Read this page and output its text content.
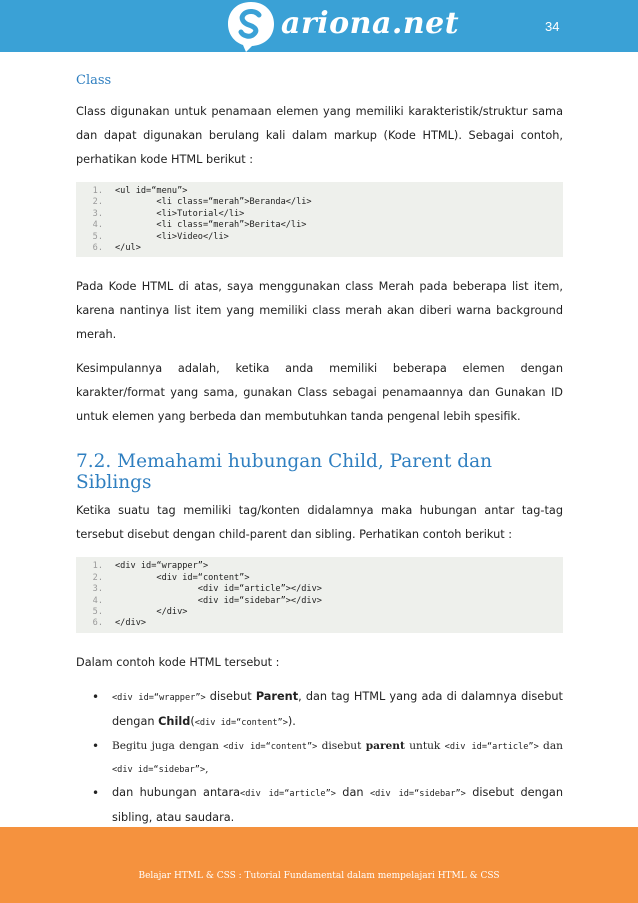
ariona.net	34
Class

Class digunakan untuk penamaan elemen yang memiliki karakteristik/struktur sama dan dapat digunakan berulang kali dalam markup (Kode HTML). Sebagai contoh, perhatikan kode HTML berikut :

1. <ul id=“menu”>
2.        <li class=“merah”>Beranda</li>
3.        <li>Tutorial</li>
4.        <li class=“merah”>Berita</li>
5.        <li>Video</li>
6. </ul>

Pada Kode HTML di atas, saya menggunakan class Merah pada beberapa list item, karena nantinya list item yang memiliki class merah akan diberi warna background merah.

Kesimpulannya adalah, ketika anda memiliki beberapa elemen dengan karakter/format yang sama, gunakan Class sebagai penamaannya dan Gunakan ID untuk elemen yang berbeda dan membutuhkan tanda pengenal lebih spesifik.

7.2. Memahami hubungan Child, Parent dan Siblings

Ketika suatu tag memiliki tag/konten didalamnya maka hubungan antar tag-tag tersebut disebut dengan child-parent dan sibling. Perhatikan contoh berikut :

1. <div id=“wrapper”>
2.        <div id=“content”>
3.                <div id=“article”></div>
4.                <div id=“sidebar”></div>
5.        </div>
6. </div>

Dalam contoh kode HTML tersebut :

• <div id=“wrapper”> disebut Parent, dan tag HTML yang ada di dalamnya disebut dengan Child(<div id=“content”>).
• Begitu juga dengan <div id=“content”> disebut parent untuk <div id=“article”> dan <div id=“sidebar”>,
• dan hubungan antara<div id=“article”> dan <div id=“sidebar”> disebut dengan sibling, atau saudara.
Belajar HTML & CSS : Tutorial Fundamental dalam mempelajari HTML & CSS
